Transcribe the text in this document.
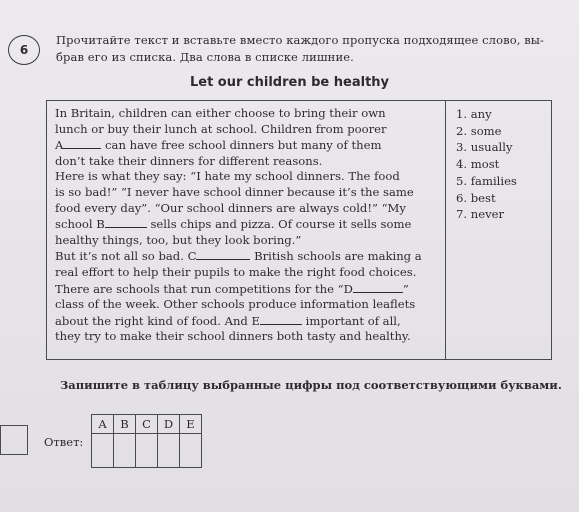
6
Прочитайте текст и вставьте вместо каждого пропуска подходящее слово, вы-
брав его из списка. Два слова в списке лишние.
Let our children be healthy

In Britain, children can either choose to bring their own

lunch or buy their lunch at school. Children from poorer

A	can have free school dinners but many of them

don’t take their dinners for different reasons.

Here is what they say: “I hate my school dinners. The food

is so bad!” “I never have school dinner because it’s the same

food every day”. “Our school dinners are always cold!” “My

school B	sells chips and pizza. Of course it sells some

healthy things, too, but they look boring.”

But it’s not all so bad. C	British schools are making a

real effort to help their pupils to make the right food choices.

There are schools that run competitions for the “D	”

class of the week. Other schools produce information leaflets

about the right kind of food. And E	important of all,

they try to make their school dinners both tasty and healthy.

1. any
2. some
3. usually
4. most
5. families
6. best
7. never
Запишите в таблицу выбранные цифры под соответствующими буквами.
Ответ:
A	B	C	D	E
